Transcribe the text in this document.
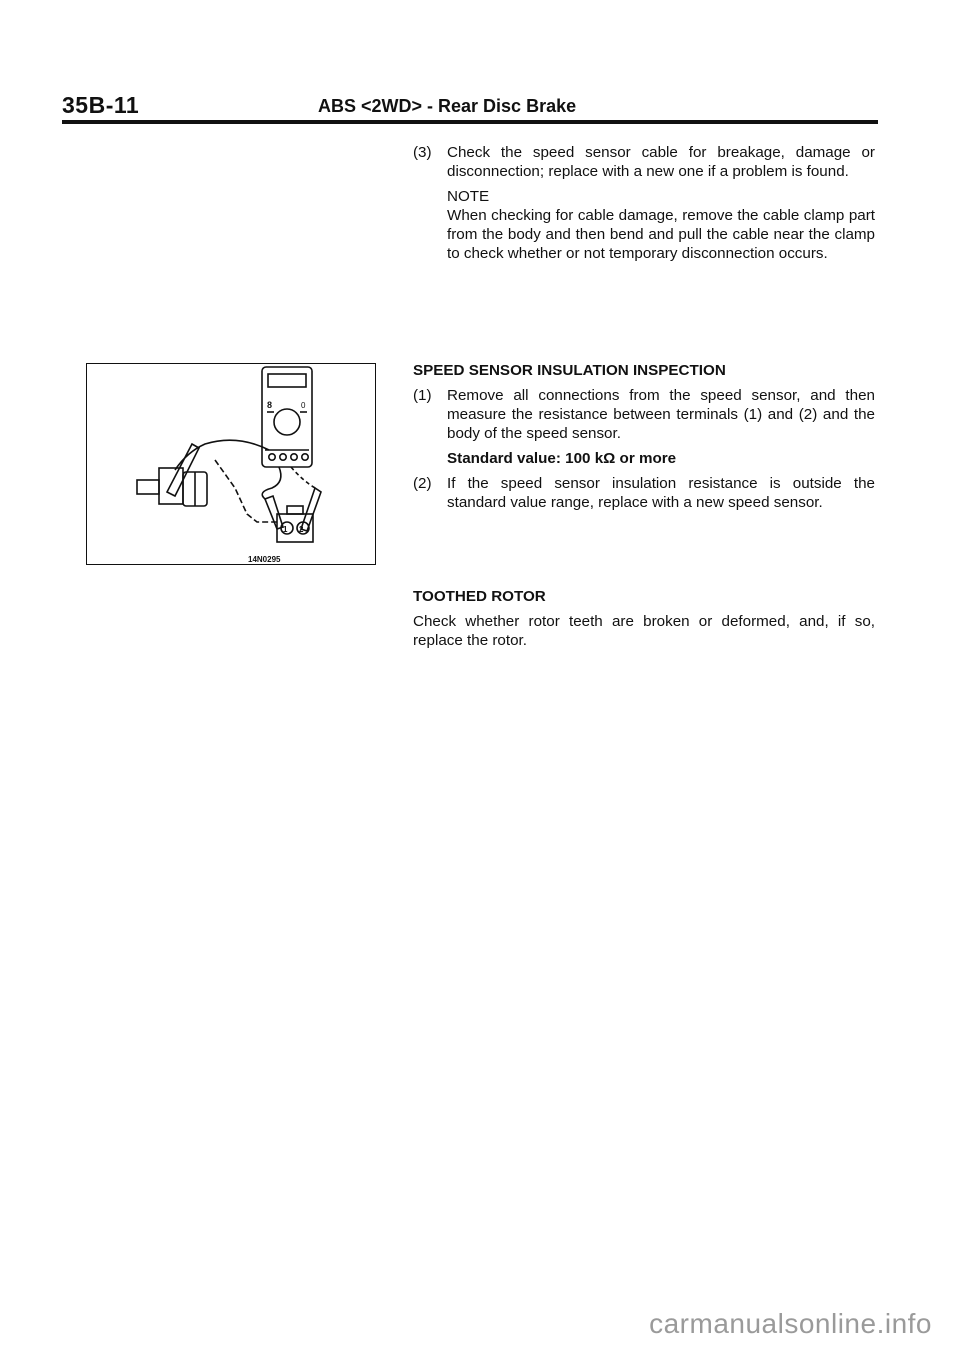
35B-11	ABS <2WD> - Rear Disc Brake
(3) Check the speed sensor cable for breakage, damage or disconnection; replace with a new one if a problem is found.
NOTE
When checking for cable damage, remove the cable clamp part from the body and then bend and pull the cable near the clamp to check whether or not temporary disconnection occurs.

SPEED SENSOR INSULATION INSPECTION

(1) Remove all connections from the speed sensor, and then measure the resistance between terminals (1) and (2) and the body of the speed sensor.

Standard value: 100 kΩ or more

(2) If the speed sensor insulation resistance is outside the standard value range, replace with a new speed sensor.

TOOTHED ROTOR

Check whether rotor teeth are broken or deformed, and, if so, replace the rotor.

1 2
8	0
14N0295
carmanualsonline.info
